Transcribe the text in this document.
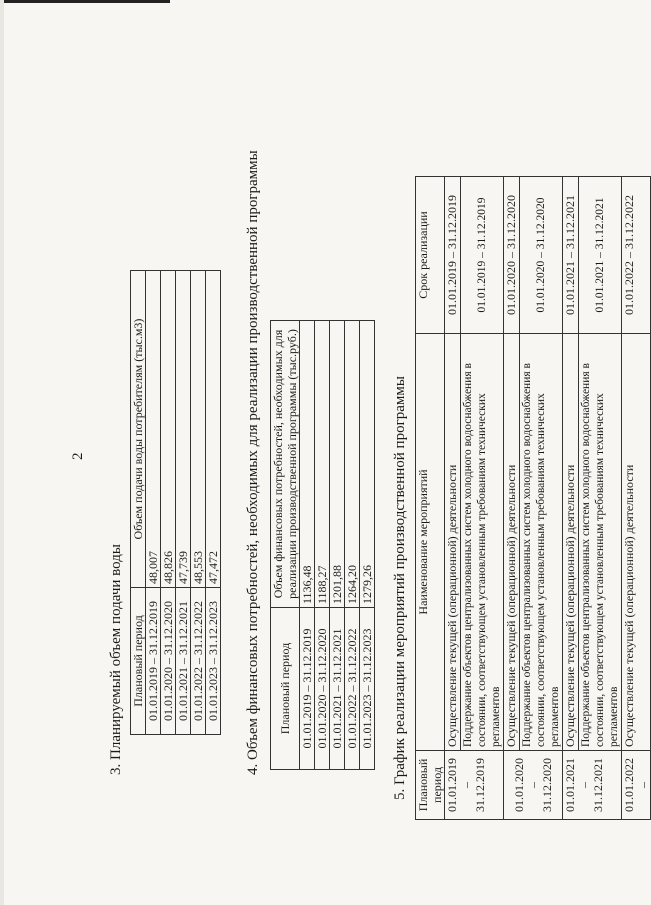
2
3. Планируемый объем подачи воды Плановый период	Объем подачи воды потребителям (тыс.м3)
01.01.2019 – 31.12.2019	48,007
01.01.2020 – 31.12.2020	48,826
01.01.2021 – 31.12.2021	47,739
01.01.2022 – 31.12.2022	48,553
01.01.2023 – 31.12.2023	47,472 4. Объем финансовых потребностей, необходимых для реализации производственной программы Плановый период	Объем финансовых потребностей, необходимых для реализации производственной программы (тыс.руб.)
01.01.2019 – 31.12.2019	1136,48
01.01.2020 – 31.12.2020	1188,27
01.01.2021 – 31.12.2021	1201,88
01.01.2022 – 31.12.2022	1264,20
01.01.2023 – 31.12.2023	1279,26 5. График реализации мероприятий производственной программы Плановый период	Наименование мероприятий	Срок реализации

01.01.2019 – 31.12.2019	Осуществление текущей (операционной) деятельности	01.01.2019 – 31.12.2019
	Поддержание объектов централизованных систем холодного водоснабжения в состоянии, соответствующем установленным требованиям технических регламентов	01.01.2019 – 31.12.2019

01.01.2020 – 31.12.2020	Осуществление текущей (операционной) деятельности	01.01.2020 – 31.12.2020
	Поддержание объектов централизованных систем холодного водоснабжения в состоянии, соответствующем установленным требованиям технических регламентов	01.01.2020 – 31.12.2020

01.01.2021 – 31.12.2021	Осуществление текущей (операционной) деятельности	01.01.2021 – 31.12.2021
	Поддержание объектов централизованных систем холодного водоснабжения в состоянии, соответствующем установленным требованиям технических регламентов	01.01.2021 – 31.12.2021

01.01.2022 –	Осуществление текущей (операционной) деятельности	01.01.2022 – 31.12.2022
